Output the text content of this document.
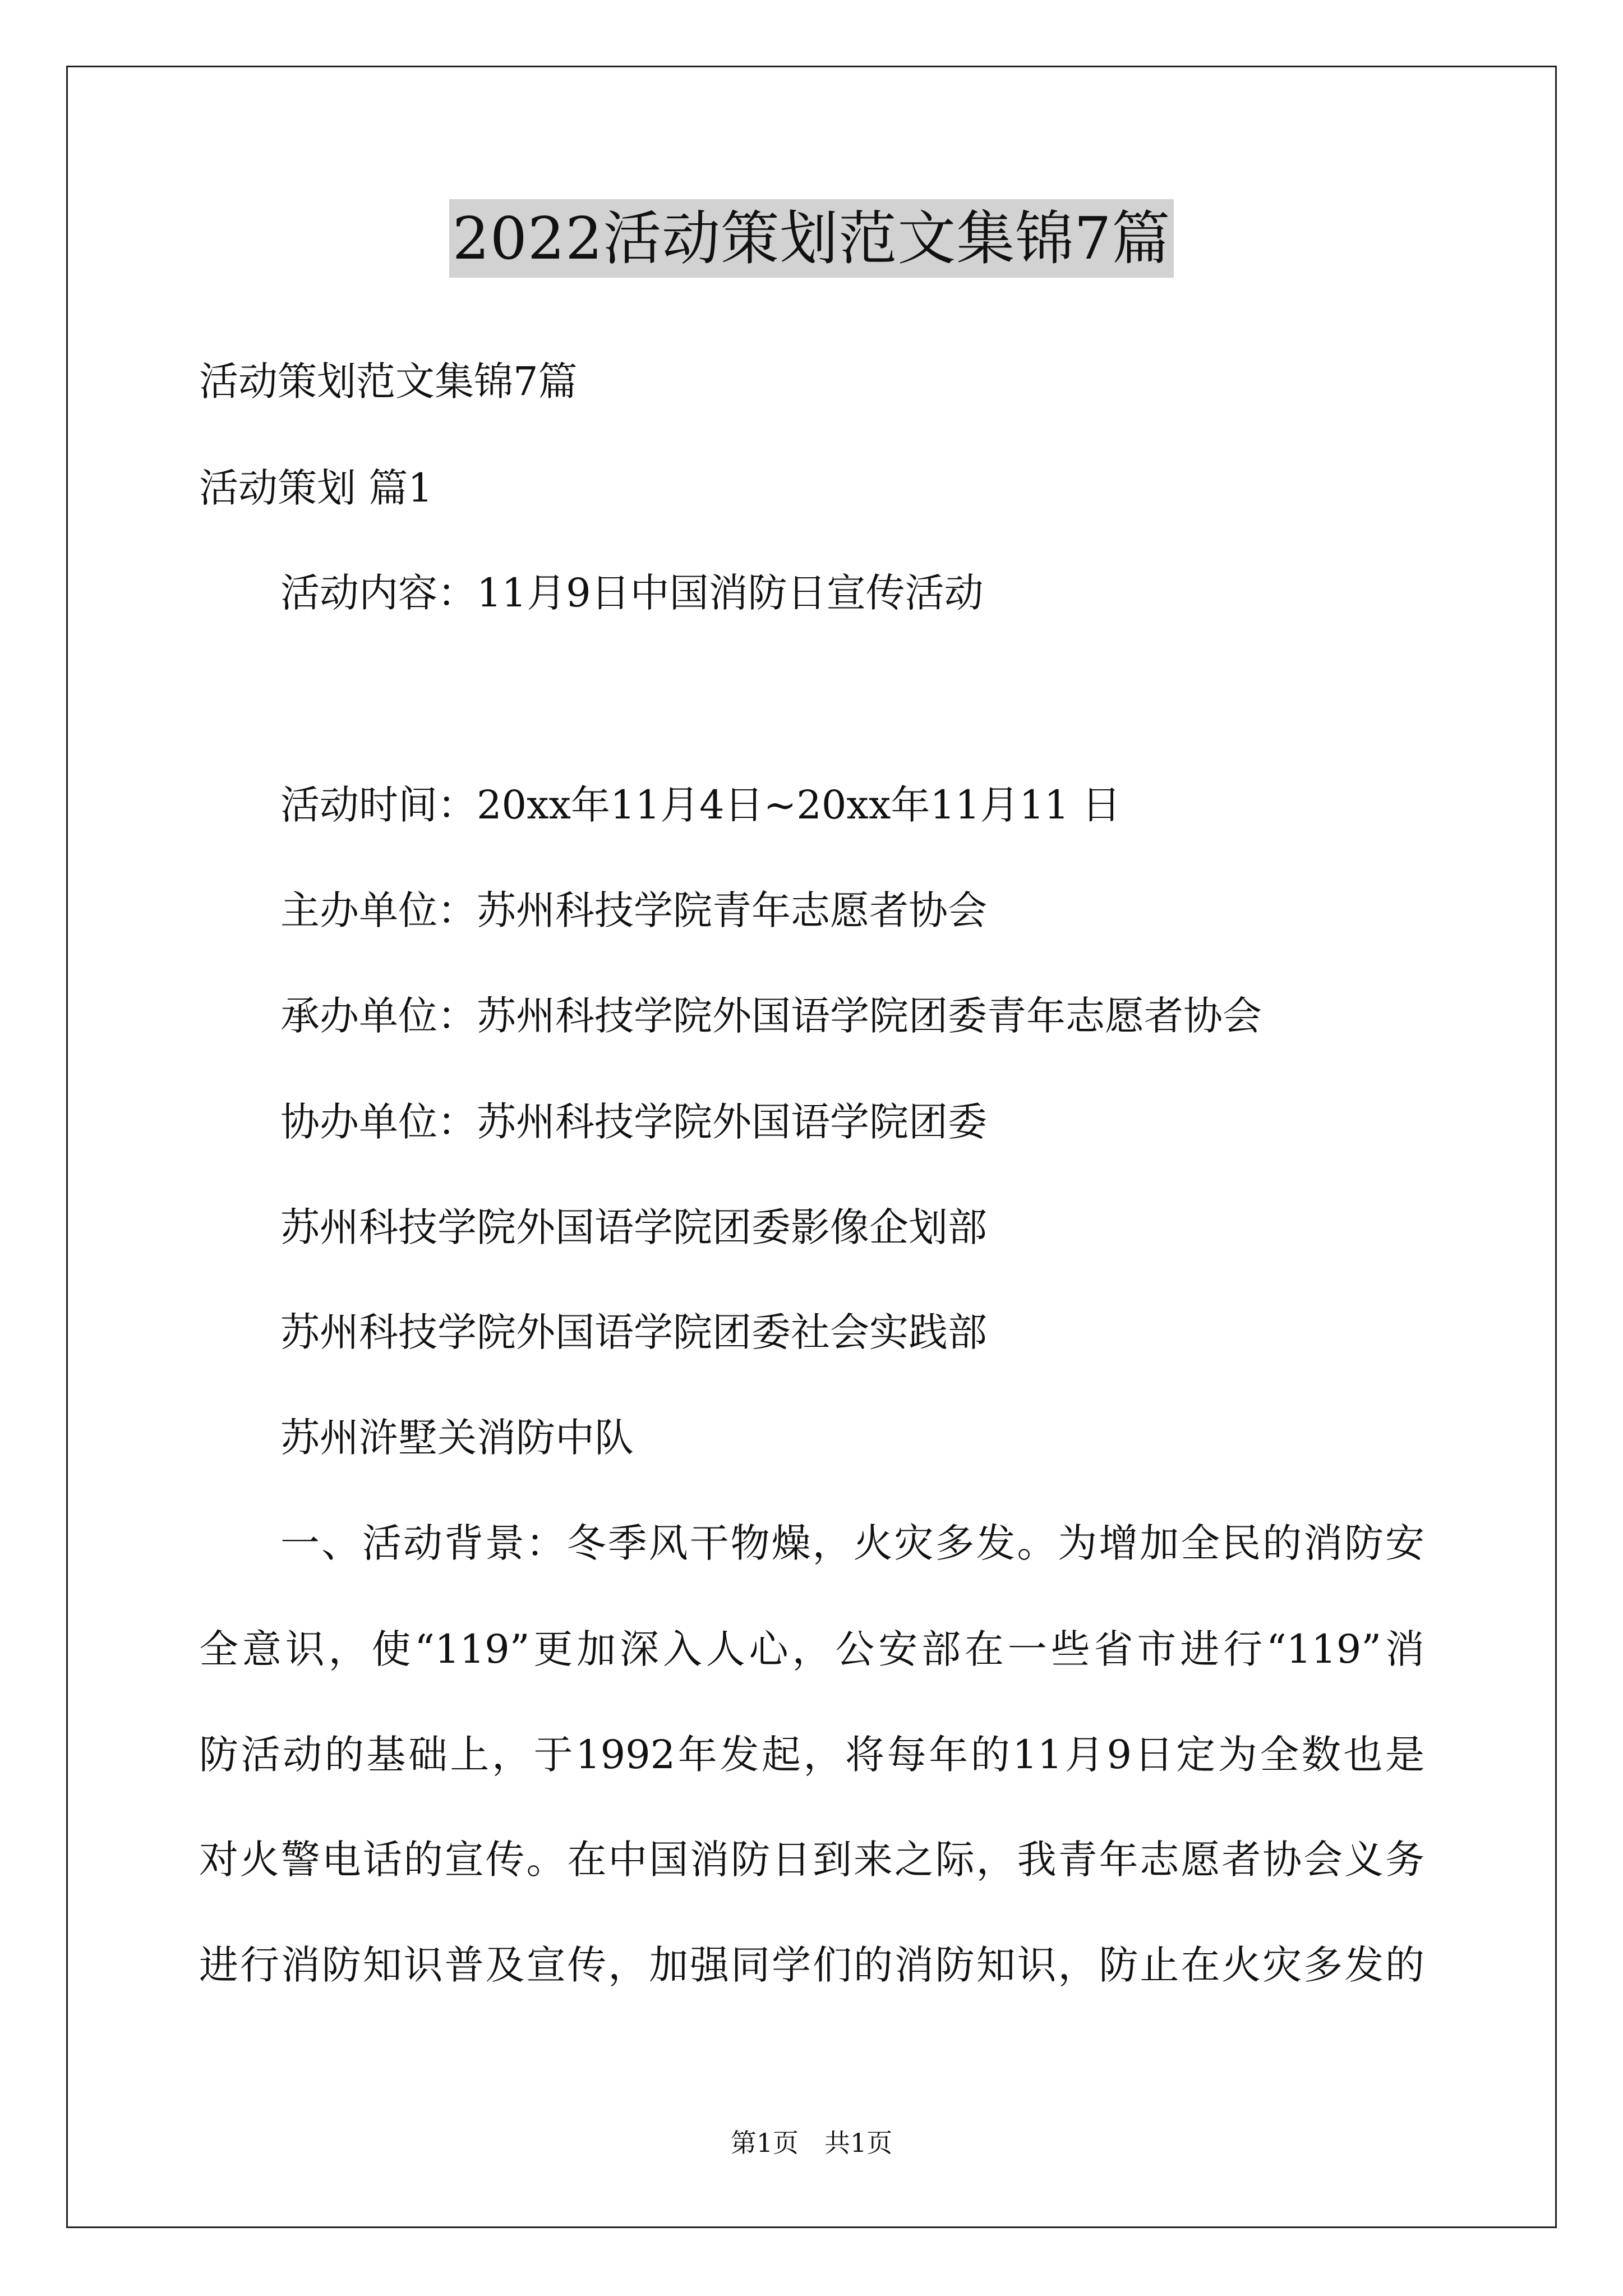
2022活动策划范文集锦7篇
活动策划范文集锦7篇
活动策划 篇1
活动内容：11月9日中国消防日宣传活动
活动时间：20xx年11月4日~20xx年11月11 日
主办单位：苏州科技学院青年志愿者协会
承办单位：苏州科技学院外国语学院团委青年志愿者协会
协办单位：苏州科技学院外国语学院团委
苏州科技学院外国语学院团委影像企划部
苏州科技学院外国语学院团委社会实践部
苏州浒墅关消防中队
一、活动背景：冬季风干物燥，火灾多发。为增加全民的消防安
全意识，使“119”更加深入人心，公安部在一些省市进行“119”消
防活动的基础上，于1992年发起，将每年的11月9日定为全数也是
对火警电话的宣传。在中国消防日到来之际，我青年志愿者协会义务
进行消防知识普及宣传，加强同学们的消防知识，防止在火灾多发的
第1页　共1页
